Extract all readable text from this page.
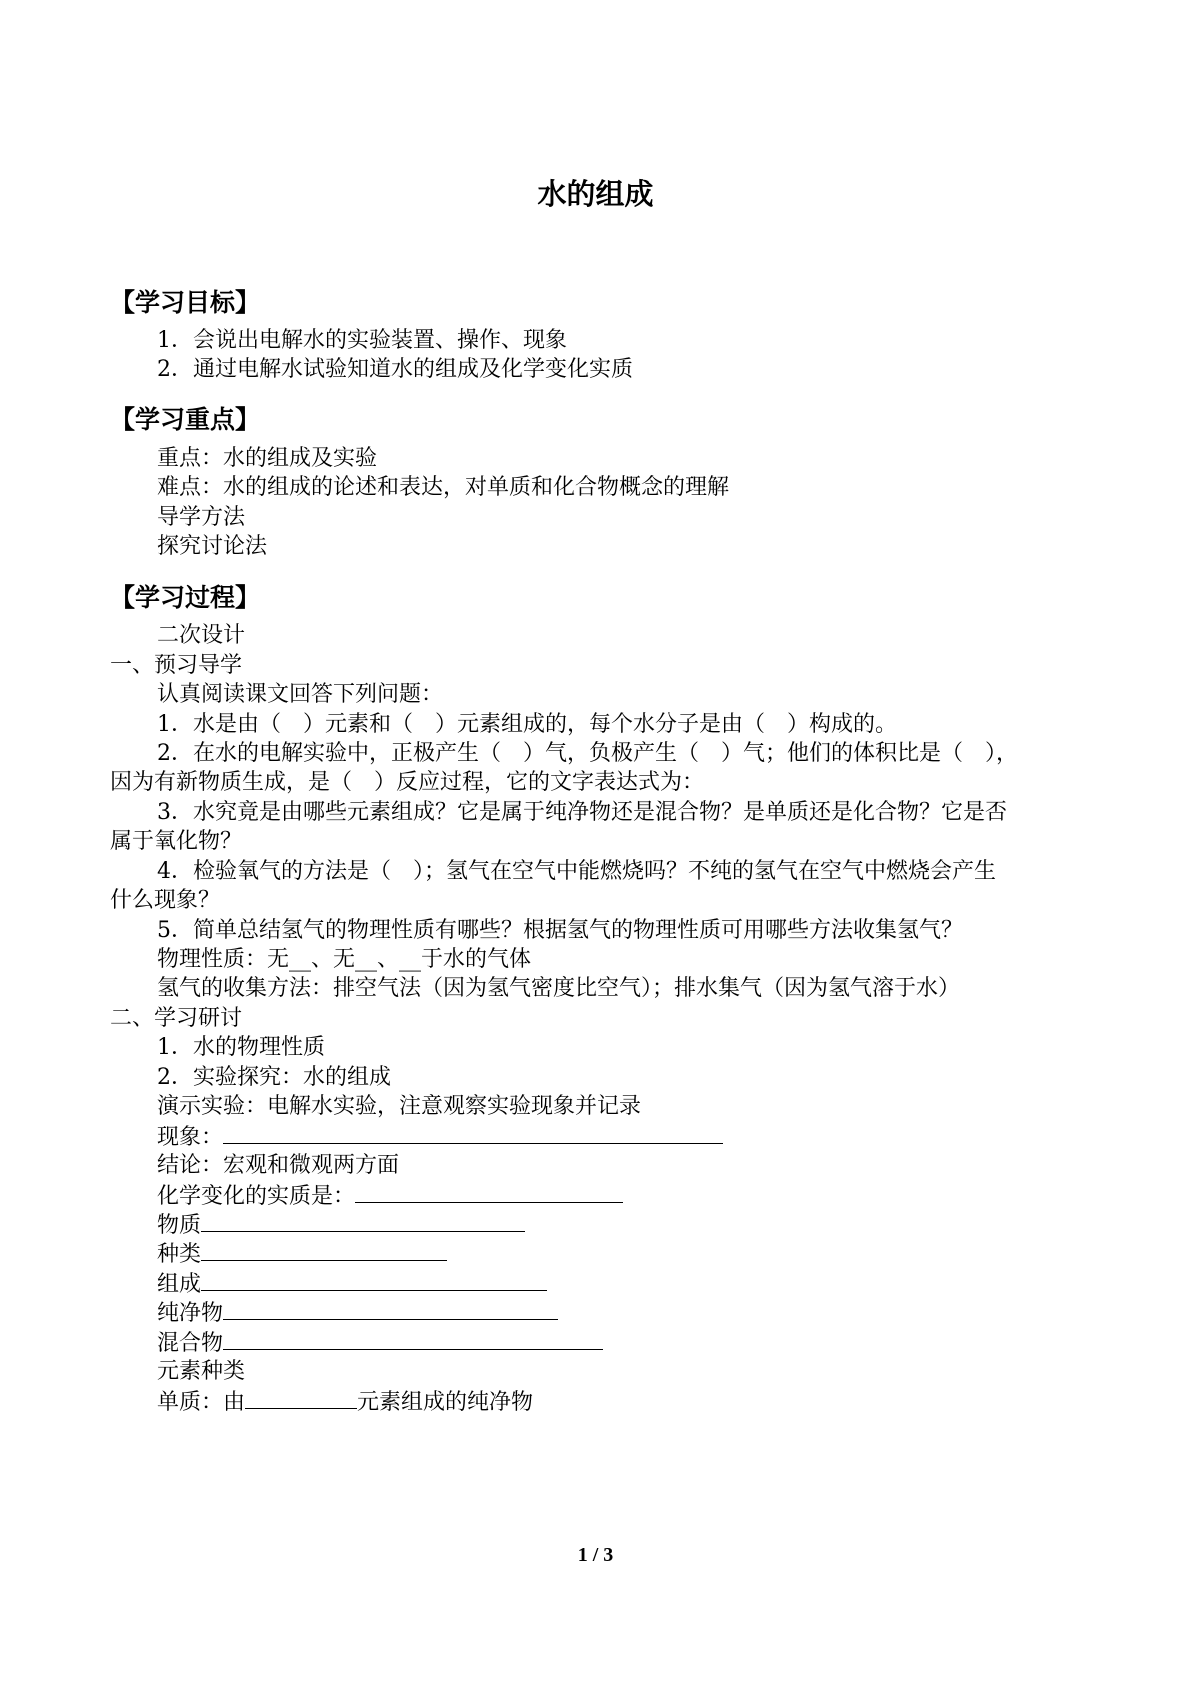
水的组成
【学习目标】
1．会说出电解水的实验装置、操作、现象
2．通过电解水试验知道水的组成及化学变化实质
【学习重点】
重点：水的组成及实验
难点：水的组成的论述和表达，对单质和化合物概念的理解
导学方法
探究讨论法
【学习过程】
二次设计
一、预习导学
认真阅读课文回答下列问题：
1．水是由（　）元素和（　）元素组成的，每个水分子是由（　）构成的。
2．在水的电解实验中，正极产生（　）气，负极产生（　）气；他们的体积比是（　），
因为有新物质生成，是（　）反应过程，它的文字表达式为：
3．水究竟是由哪些元素组成？它是属于纯净物还是混合物？是单质还是化合物？它是否
属于氧化物？
4．检验氧气的方法是（　）；氢气在空气中能燃烧吗？不纯的氢气在空气中燃烧会产生
什么现象？
5．简单总结氢气的物理性质有哪些？根据氢气的物理性质可用哪些方法收集氢气？
物理性质：无__、无__、__于水的气体
氢气的收集方法：排空气法（因为氢气密度比空气）；排水集气（因为氢气溶于水）
二、学习研讨
1．水的物理性质
2．实验探究：水的组成
演示实验：电解水实验，注意观察实验现象并记录
现象：
结论：宏观和微观两方面
化学变化的实质是：
物质
种类
组成
纯净物
混合物
元素种类
单质：由	元素组成的纯净物
1 / 3
